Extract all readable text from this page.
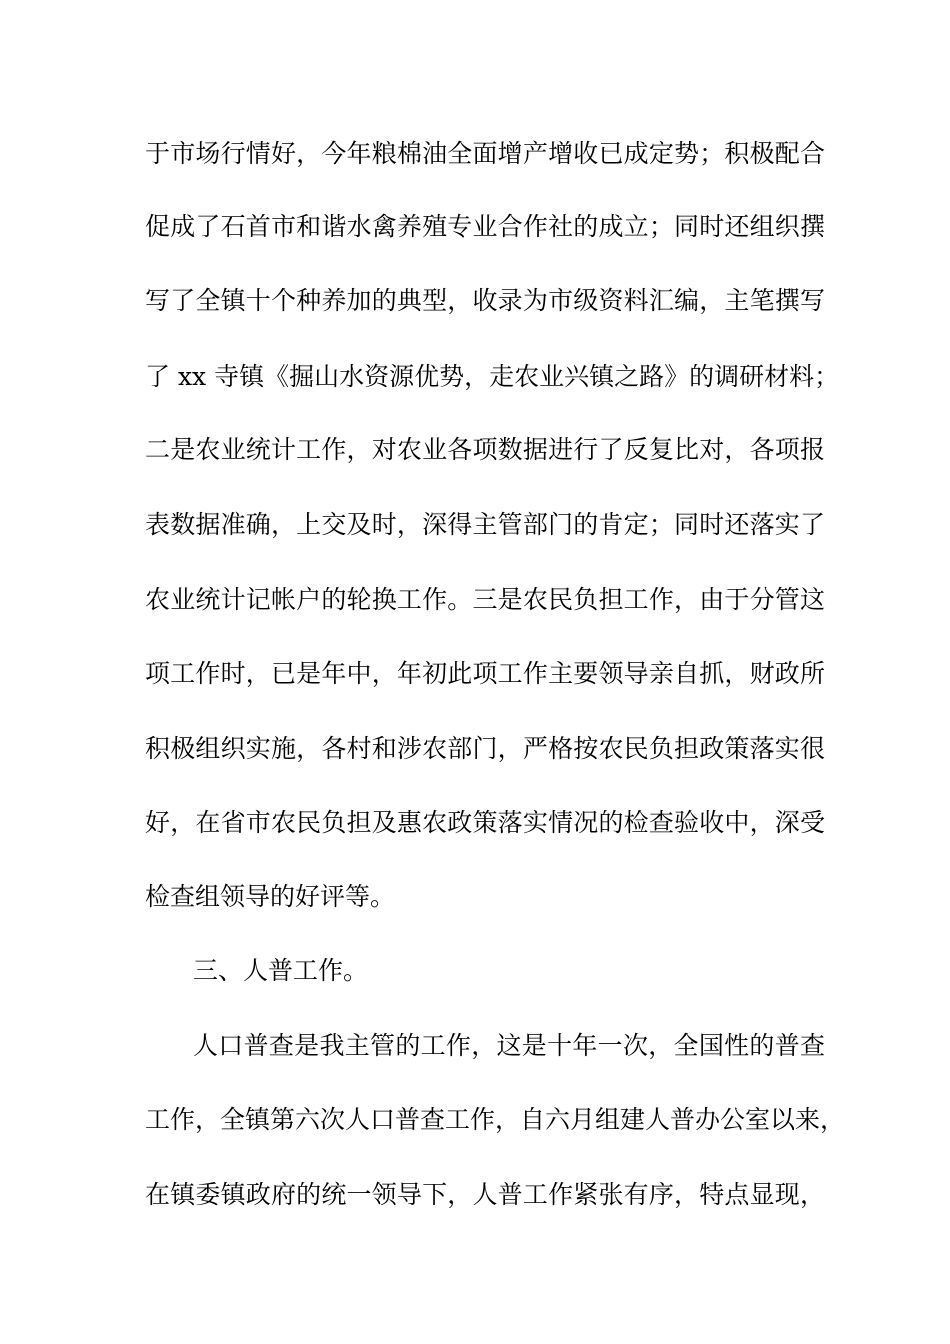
于市场行情好，今年粮棉油全面增产增收已成定势；积极配合
促成了石首市和谐水禽养殖专业合作社的成立；同时还组织撰
写了全镇十个种养加的典型，收录为市级资料汇编，主笔撰写
了 xx 寺镇《掘山水资源优势，走农业兴镇之路》的调研材料；
二是农业统计工作，对农业各项数据进行了反复比对，各项报
表数据准确，上交及时，深得主管部门的肯定；同时还落实了
农业统计记帐户的轮换工作。三是农民负担工作，由于分管这
项工作时，已是年中，年初此项工作主要领导亲自抓，财政所
积极组织实施，各村和涉农部门，严格按农民负担政策落实很
好，在省市农民负担及惠农政策落实情况的检查验收中，深受
检查组领导的好评等。
三、人普工作。
人口普查是我主管的工作，这是十年一次，全国性的普查
工作，全镇第六次人口普查工作，自六月组建人普办公室以来，
在镇委镇政府的统一领导下，人普工作紧张有序，特点显现，
